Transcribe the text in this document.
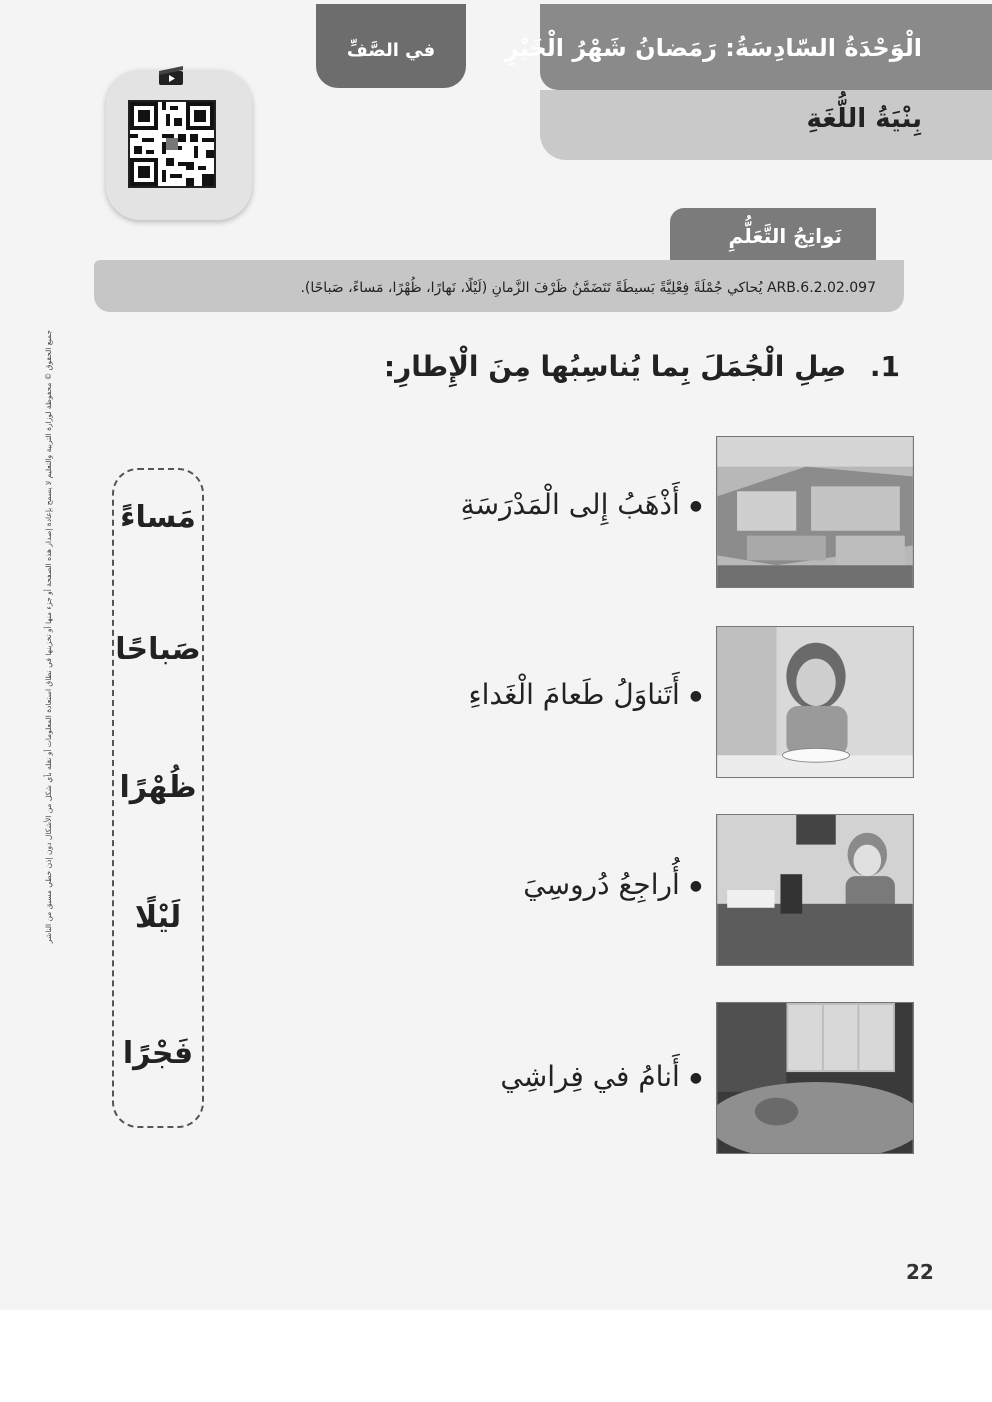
الْوَحْدَةُ السّادِسَةُ: رَمَضانُ شَهْرُ الْخَيْرِ
بِنْيَةُ اللُّغَةِ
في الصَّفِّ
نَواتِجُ التَّعَلُّمِ
ARB.6.2.02.097 يُحاكي جُمْلَةً فِعْلِيَّةً بَسيطَةً تَتَضَمَّنُ ظَرْفَ الزَّمانِ (لَيْلًا، نَهارًا، ظُهْرًا، مَساءً، صَباحًا).
جميع الحقوق © محفوظة لوزارة التربية والتعليم لا يسمح بإعادة إصدار هذه الصفحة أو جزء منها أو تخزينها في نطاق استعادة المعلومات أو نقله بأي شكل من الأشكال دون إذن خطي مسبق من الناشر	1. صِلِ الْجُمَلَ بِما يُناسِبُها مِنَ الْإِطارِ:
مَساءً
صَباحًا
ظُهْرًا
لَيْلًا
فَجْرًا
●أَذْهَبُ إِلى الْمَدْرَسَةِ
●أَتَناوَلُ طَعامَ الْغَداءِ
●أُراجِعُ دُروسِيَ
●أَنامُ في فِراشِي
22
